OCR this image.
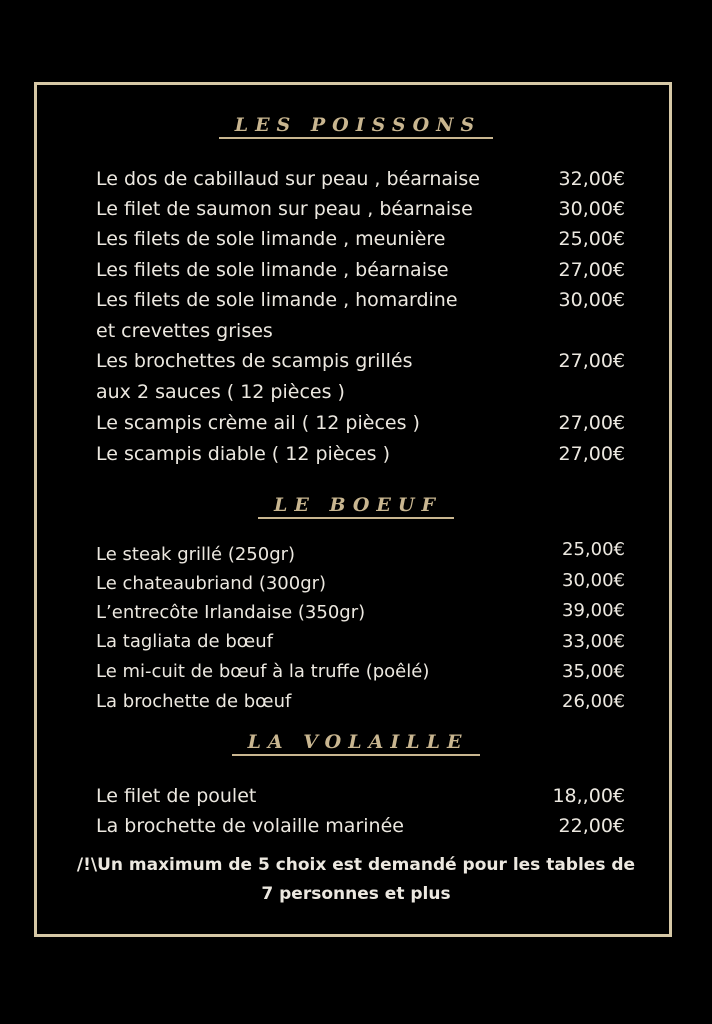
LES POISSONS
Le dos de cabillaud sur peau , béarnaise	32,00€
Le filet de saumon sur peau , béarnaise	30,00€
Les filets de sole limande , meunière	25,00€
Les filets de sole limande , béarnaise	27,00€
Les filets de sole limande , homardine	30,00€
et crevettes grises
Les brochettes de scampis grillés	27,00€
aux 2 sauces ( 12 pièces )
Le scampis crème ail ( 12 pièces )	27,00€
Le scampis diable ( 12 pièces )	27,00€
LE BOEUF
Le steak grillé (250gr)	25,00€
Le chateaubriand (300gr)	30,00€
L’entrecôte Irlandaise (350gr)	39,00€
La tagliata de bœuf	33,00€
Le mi-cuit de bœuf à la truffe (poêlé)	35,00€
La brochette de bœuf	26,00€
LA VOLAILLE
Le filet de poulet	18,,00€
La brochette de volaille marinée	22,00€
/!\Un maximum de 5 choix est demandé pour les tables de
7 personnes et plus
